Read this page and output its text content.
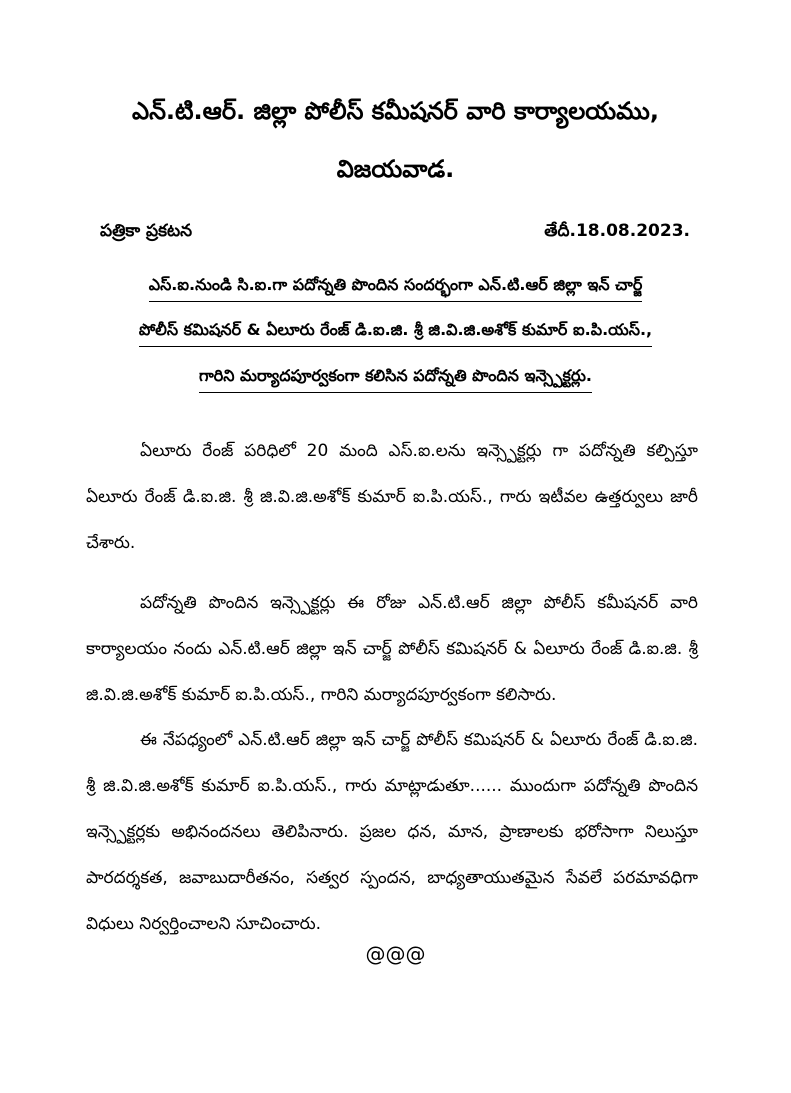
ఎన్.టి.ఆర్. జిల్లా పోలీస్ కమీషనర్ వారి కార్యాలయము,
విజయవాడ.
పత్రికా ప్రకటన	తేదీ.18.08.2023.
ఎస్.ఐ.నుండి సి.ఐ.గా పదోన్నతి పొందిన సందర్భంగా ఎన్.టి.ఆర్ జిల్లా ఇన్ చార్జ్
పోలీస్ కమిషనర్ & ఏలూరు రేంజ్ డి.ఐ.జి. శ్రీ జి.వి.జి.అశోక్ కుమార్ ఐ.పి.యస్.,
గారిని మర్యాదపూర్వకంగా కలిసిన పదోన్నతి పొందిన ఇన్స్పెక్టర్లు.

ఏలూరు రేంజ్ పరిధిలో 20 మంది ఎస్.ఐ.లను ఇన్స్పెక్టర్లు గా పదోన్నతి కల్పిస్తూ ఏలూరు రేంజ్ డి.ఐ.జి. శ్రీ జి.వి.జి.అశోక్ కుమార్ ఐ.పి.యస్., గారు ఇటీవల ఉత్తర్వులు జారీ చేశారు.

పదోన్నతి పొందిన ఇన్స్పెక్టర్లు ఈ రోజు ఎన్.టి.ఆర్ జిల్లా పోలీస్ కమీషనర్ వారి కార్యాలయం నందు ఎన్.టి.ఆర్ జిల్లా ఇన్ చార్జ్ పోలీస్ కమిషనర్ & ఏలూరు రేంజ్ డి.ఐ.జి. శ్రీ జి.వి.జి.అశోక్ కుమార్ ఐ.పి.యస్., గారిని మర్యాదపూర్వకంగా కలిసారు.

ఈ నేపధ్యంలో ఎన్.టి.ఆర్ జిల్లా ఇన్ చార్జ్ పోలీస్ కమిషనర్ & ఏలూరు రేంజ్ డి.ఐ.జి. శ్రీ జి.వి.జి.అశోక్ కుమార్ ఐ.పి.యస్., గారు మాట్లాడుతూ...... ముందుగా పదోన్నతి పొందిన ఇన్స్పెక్టర్లకు అభినందనలు తెలిపినారు. ప్రజల ధన, మాన, ప్రాణాలకు భరోసాగా నిలుస్తూ పారదర్శకత, జవాబుదారీతనం, సత్వర స్పందన, బాధ్యతాయుతమైన సేవలే పరమావధిగా విధులు నిర్వర్తించాలని సూచించారు.

@@@
